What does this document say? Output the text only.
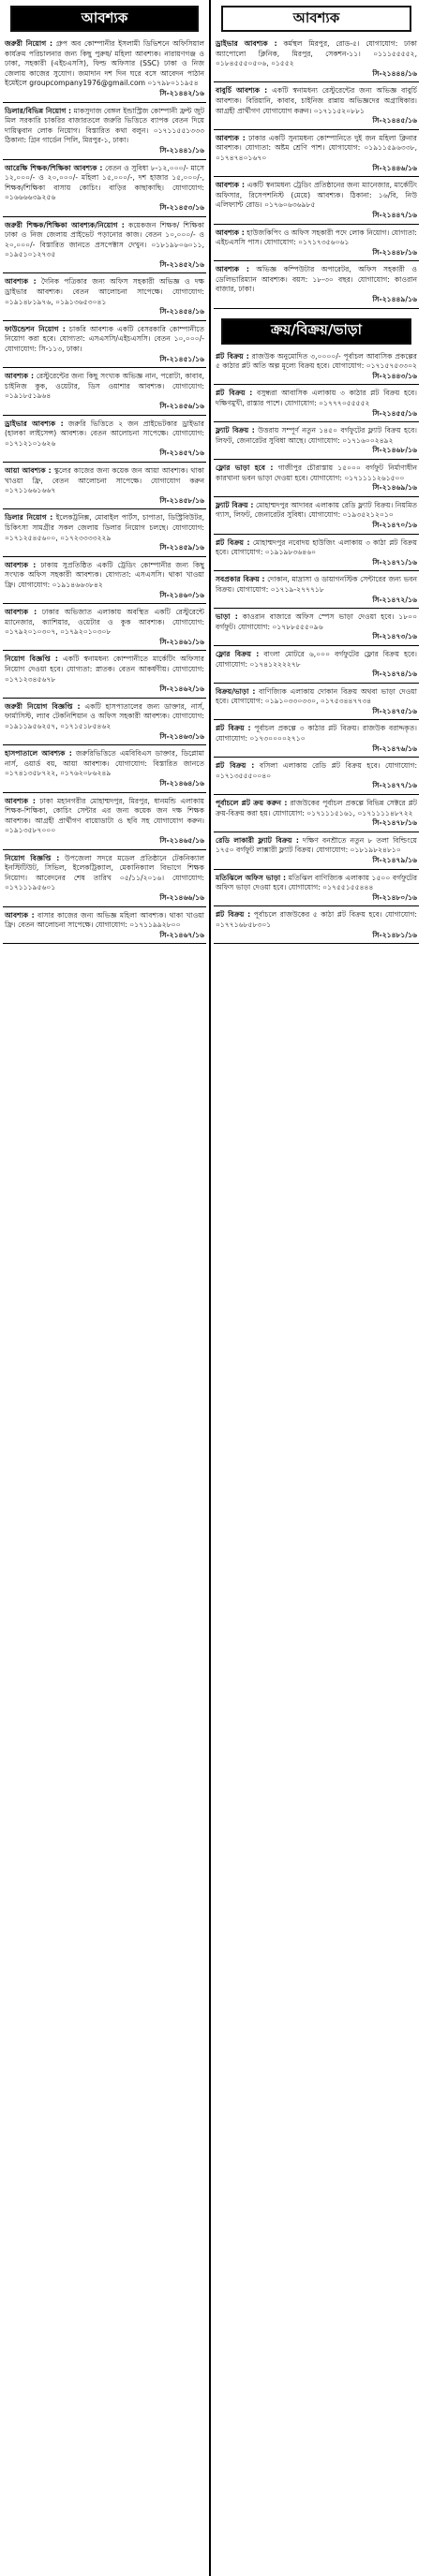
আবশ্যক
জরুরী নিয়োগ : গ্রুপ অব কোম্পানীর ইসলামী ডিভিশনে অফিসিয়াল কার্যক্রম পরিচালনার জন্য কিছু পুরুষ/ মহিলা আবশ্যক। নারায়ণগঞ্জ ও ঢাকা, সহকারী (এইচএসসি), ফিল্ড অফিসার (SSC) ঢাকা ও নিজ জেলায় কাজের সুযোগ। জমাদান দশ দিন ঘরে বসে আবেদন পাঠান ইমেইলে groupcompany1976@gmail.com ০১৭৯৮০১১৯৫৪
সি-২১৪৪২/১৬
ডিলার/বিভিন্ন নিয়োগ : মাকসুদাজ বেঙ্গল ইন্ডাস্ট্রিজ কোম্পানী ফ্রন্ট জুট মিল সরকারি চাকরির বাজারতলে জরুরি ভিত্তিতে ব্যাপক বেতন দিয়ে দায়িত্ববান লোক নিয়োগ। বিস্তারিত কথা বলুন। ০১৭১১৫৫১৩৩৩ ঠিকানা: গ্রিন গার্ডেন পিলি, মিরপুর-১, ঢাকা।
সি-২১৪৪১/১৬
আরেক্ষি শিক্ষক/শিক্ষিকা আবশ্যক : বেতন ও সুবিধা ৮-১২,০০০/- মাসে ১২,০০০/- ও ২০,০০০/- মহিলা ১৫,০০০/-, দশ হাজার ১৫,০০০/-, শিক্ষক/শিক্ষিকা বাসায় কোচিং। বাড়ির কাছাকাছি। যোগাযোগ: ০১৬৬৬৬৩৯২৫৬
সি-২১৪৫৩/১৬
জরুরী শিক্ষক/শিক্ষিকা আবশ্যক/নিয়োগ : কয়েকজন শিক্ষক/ শিক্ষিকা ঢাকা ও নিজ জেলায় প্রাইভেট পড়ানোর কাজ। বেতন ১০,০০০/- ও ২০,০০০/- বিস্তারিত জানতে প্রসপেক্টাস দেখুন। ০১৮১৯৮০৬০১১, ০১৯৫১০১২৭৩৫
সি-২১৪৫২/১৬
আবশ্যক : দৈনিক পত্রিকার জন্য অফিস সহকারী অভিজ্ঞ ও দক্ষ ড্রাইভার আবশ্যক। বেতন আলোচনা সাপেক্ষে। যোগাযোগ: ০১৯১৪৮১৯৭৬, ০১৯১৩৬৫৩০৪১
সি-২১৪৫৪/১৬
ফাউন্ডেশন নিয়োগ : চাকরি আবশ্যক একটি বেসরকারি কোম্পানীতে নিয়োগ করা হবে। যোগ্যতা: এসএসসি/এইচএসসি। বেতন ১০,০০০/- যোগাযোগ: সি-১১৩, ঢাকা।
সি-২১৪৫১/১৬
আবশ্যক : রেস্টুরেন্টের জন্য কিছু সংখ্যক অভিজ্ঞ নান, পরোটা, কাবাব, চাইনিজ কুক, ওয়েটার, ডিস ওয়াশার আবশ্যক। যোগাযোগ: ০১৯১৮৫১৯৬৪
সি-২১৪৫৬/১৬
ড্রাইভার আবশ্যক : জরুরি ভিত্তিতে ২ জন প্রাইভেটকার ড্রাইভার (হালকা লাইসেন্স) আবশ্যক। বেতন আলোচনা সাপেক্ষে। যোগাযোগ: ০১৭১২১০১৬২৬
সি-২১৪৫৭/১৬
আয়া আবশ্যক : স্কুলের কাজের জন্য কয়েক জন আয়া আবশ্যক। থাকা খাওয়া ফ্রি, বেতন আলোচনা সাপেক্ষে। যোগাযোগ করুন ০১৭১১৬৬১৬৬৭
সি-২১৪৫৮/১৬
ডিলার নিয়োগ : ইলেকট্রনিক্স, মোবাইল পার্টস, চাপাতা, ডিস্ট্রিবিউটর, চিকিৎসা সামগ্রীর সকল জেলায় ডিলার নিয়োগ চলছে। যোগাযোগ: ০১৭১২৫৪৫৬০০, ০১৭২৩৩৩৩২২৯
সি-২১৪৫৯/১৬
আবশ্যক : ঢাকায় সুপ্রতিষ্ঠিত একটি ট্রেডিং কোম্পানীর জন্য কিছু সংখ্যক অফিস সহকারী আবশ্যক। যোগ্যতা: এসএসসি। থাকা খাওয়া ফ্রি। যোগাযোগ: ০১৯১৪৬৬৩৮৪২
সি-২১৪৬০/১৬
আবশ্যক : ঢাকার অভিজাত এলাকায় অবস্থিত একটি রেস্টুরেন্টে ম্যানেজার, ক্যাশিয়ার, ওয়েটার ও কুক আবশ্যক। যোগাযোগ: ০১৭৯২০১০৩০৭, ০১৭৯২০১০৩০৮
সি-২১৪৬১/১৬
নিয়োগ বিজ্ঞপ্তি : একটি স্বনামধন্য কোম্পানীতে মার্কেটিং অফিসার নিয়োগ দেওয়া হবে। যোগ্যতা: স্নাতক। বেতন আকর্ষণীয়। যোগাযোগ: ০১৭১২৩৪৫৬৭৮
সি-২১৪৬২/১৬
জরুরী নিয়োগ বিজ্ঞপ্তি : একটি হাসপাতালের জন্য ডাক্তার, নার্স, ফার্মাসিস্ট, ল্যাব টেকনিশিয়ান ও অফিস সহকারী আবশ্যক। যোগাযোগ: ০১৯১১৯৫৬২৫৭, ০১৭১৫১৮৫৪৬২
সি-২১৪৬৩/১৬
হাসপাতালে আবশ্যক : জরুরিভিত্তিতে এমবিবিএস ডাক্তার, ডিপ্লোমা নার্স, ওয়ার্ড বয়, আয়া আবশ্যক। যোগাযোগ: বিস্তারিত জানতে ০১৭৪১৩৫৮৭২২, ০১৭৬২০৮৬২৪৯
সি-২১৪৬৪/১৬
আবশ্যক : ঢাকা মহানগরীর মোহাম্মদপুর, মিরপুর, ধানমন্ডি এলাকায় শিক্ষক-শিক্ষিকা, কোচিং সেন্টার এর জন্য কয়েক জন দক্ষ শিক্ষক আবশ্যক। আগ্রহী প্রার্থীগণ বায়োডাটা ও ছবি সহ যোগাযোগ করুন। ০১৯১৩৫৮৭০০০
সি-২১৪৬৫/১৬
নিয়োগ বিজ্ঞপ্তি : উপজেলা সদরে মডেল প্রতিষ্ঠানে টেকনিক্যাল ইনস্টিটিউট, সিভিল, ইলেকট্রিক্যাল, মেকানিক্যাল বিভাগে শিক্ষক নিয়োগ। আবেদনের শেষ তারিখ ০৫/১১/২০১৬। যোগাযোগ: ০১৭১১১৯৫৬০১
সি-২১৪৬৬/১৬
আবশ্যক : বাসার কাজের জন্য অভিজ্ঞ মহিলা আবশ্যক। থাকা খাওয়া ফ্রি। বেতন আলোচনা সাপেক্ষে। যোগাযোগ: ০১৭১১৯৯২৮০০
সি-২১৪৬৭/১৬
আবশ্যক
ড্রাইভার আবশ্যক : কর্মস্থল মিরপুর, রোড-৫। যোগাযোগ: ঢাকা অ্যাপোলো ক্লিনিক, মিরপুর, সেকশন-১১। ০১১১৫৫৫৫২, ০১৮৪৫৫৫০৫০৬, ০১৫৫২
সি-২১৪৪৪/১৬
বাবুর্চি আবশ্যক : একটি স্বনামধন্য রেস্টুরেন্টের জন্য অভিজ্ঞ বাবুর্চি আবশ্যক। বিরিয়ানি, কাবাব, চাইনিজ রান্নায় অভিজ্ঞদের অগ্রাধিকার। আগ্রহী প্রার্থীগণ যোগাযোগ করুন। ০১৭১১৫২০৮৮১
সি-২১৪৪৫/১৬
আবশ্যক : ঢাকার একটি সুনামধন্য কোম্পানিতে দুই জন মহিলা ক্লিনার আবশ্যক। যোগ্যতা: অষ্টম শ্রেণি পাশ। যোগাযোগ: ০১৯১১৫৯৬৩৩৮, ০১৭৪৭৪০১৬৭০
সি-২১৪৪৬/১৬
আবশ্যক : একটি স্বনামধন্য ট্রেডিং প্রতিষ্ঠানের জন্য ম্যানেজার, মার্কেটিং অফিসার, রিসেপশনিস্ট (মেয়ে) আবশ্যক। ঠিকানা: ১৬/বি, নিউ এলিফ্যান্ট রোড। ০১৭৬০৬৩৬৯৮৫
সি-২১৪৪৭/১৬
আবশ্যক : হাউজকিপিং ও অফিস সহকারী পদে লোক নিয়োগ। যোগ্যতা: এইচএসসি পাস। যোগাযোগ: ০১৭১৭৩৫৬০৬১
সি-২১৪৪৮/১৬
আবশ্যক : অভিজ্ঞ কম্পিউটার অপারেটর, অফিস সহকারী ও ডেলিভারিম্যান আবশ্যক। বয়স: ১৮-৩০ বছর। যোগাযোগ: কাওরান বাজার, ঢাকা।
সি-২১৪৪৯/১৬
ক্রয়/বিক্রয়/ভাড়া
প্লট বিক্রয় : রাজউক অনুমোদিত ৩,০০০০/- পূর্বাচল আবাসিক প্রকল্পের ৫ কাঠার প্লট অতি অল্প মূল্যে বিক্রয় হবে। যোগাযোগ: ০১৭১৫৭৫৩৩০২
সি-২১৪৪৩/১৬
প্লট বিক্রয় : বসুন্ধরা আবাসিক এলাকায় ৩ কাঠার প্লট বিক্রয় হবে। দক্ষিণমুখী, রাস্তার পাশে। যোগাযোগ: ০১৭৭৭০৫৫৫৫২
সি-২১৪৫৫/১৬
ফ্ল্যাট বিক্রয় : উত্তরায় সম্পূর্ণ নতুন ১৪৫০ বর্গফুটের ফ্ল্যাট বিক্রয় হবে। লিফট, জেনারেটর সুবিধা আছে। যোগাযোগ: ০১৭১৬০০২৪৯২
সি-২১৪৬৮/১৬
ফ্লোর ভাড়া হবে : গাজীপুর চৌরাস্তায় ১৫০০০ বর্গফুট নির্মাণাধীন কারখানা ভবন ভাড়া দেওয়া হবে। যোগাযোগ: ০১৭১১১১২৬১৫০০
সি-২১৪৬৯/১৬
ফ্ল্যাট বিক্রয় : মোহাম্মদপুর আদাবর এলাকায় রেডি ফ্ল্যাট বিক্রয়। নিয়মিত গ্যাস, লিফট, জেনারেটর সুবিধা। যোগাযোগ: ০১৯৩৫২১২০১০
সি-২১৪৭০/১৬
প্লট বিক্রয় : মোহাম্মদপুর নবোদয় হাউজিং এলাকায় ৩ কাঠা প্লট বিক্রয় হবে। যোগাযোগ: ০১৯১৯৮৩৬৪৬০
সি-২১৪৭১/১৬
সবপ্রকার বিক্রয় : দোকান, মাদ্রাসা ও ডায়াগনস্টিক সেন্টারের জন্য ভবন বিক্রয়। যোগাযোগ: ০১৭১৯-২৭৭৭১৮
সি-২১৪৭২/১৬
ভাড়া : কাওরান বাজারে অফিস স্পেস ভাড়া দেওয়া হবে। ১৮০০ বর্গফুট। যোগাযোগ: ০১৭৮৮৫৫৫০৯৬
সি-২১৪৭৩/১৬
ফ্লোর বিক্রয় : বাংলা মোটরে ৬,০০০ বর্গফুটের ফ্লোর বিক্রয় হবে। যোগাযোগ: ০১৭৪১২২২২৭৮
সি-২১৪৭৪/১৬
বিক্রয়/ভাড়া : বাণিজ্যিক এলাকায় দোকান বিক্রয় অথবা ভাড়া দেওয়া হবে। যোগাযোগ: ০১৯১০৩৩০৩৩০, ০১৭৫৩৪৪৭৭৩৪
সি-২১৪৭৫/১৬
প্লট বিক্রয় : পূর্বাচল প্রকল্পে ৩ কাঠার প্লট বিক্রয়। রাজউক বরাদ্দকৃত। যোগাযোগ: ০১৭৩০০০০২৭১০
সি-২১৪৭৬/১৬
প্লট বিক্রয় : বসিলা এলাকায় রেডি প্লট বিক্রয় হবে। যোগাযোগ: ০১৭১৩৫৫৫০০৪০
সি-২১৪৭৭/১৬
পূর্বাচলে প্লট ক্রয় করুন : রাজউকের পূর্বাচল প্রকল্পে বিভিন্ন সেক্টরে প্লট ক্রয়-বিক্রয় করা হয়। যোগাযোগ: ০১৭১১১৫১৬১, ০১৭১১১১৪৮৭২২
সি-২১৪৭৮/১৬
রেডি লাকারী ফ্ল্যাট বিক্রয় : দক্ষিণ বনশ্রীতে নতুন ৮ তলা বিল্ডিংয়ে ১৭৫০ বর্গফুট লাক্সারী ফ্ল্যাট বিক্রয়। যোগাযোগ: ০১৮১৯৮২৪৮১০
সি-২১৪৭৯/১৬
মতিঝিলে অফিস ভাড়া : মতিঝিল বাণিজ্যিক এলাকায় ১৫০০ বর্গফুটের অফিস ভাড়া দেওয়া হবে। যোগাযোগ: ০১৭৫৫১৫৫৪৪৪
সি-২১৪৮০/১৬
প্লট বিক্রয় : পূর্বাচলে রাজউকের ৫ কাঠা প্লট বিক্রয় হবে। যোগাযোগ: ০১৭৭১৬৮৫৮৩০১
সি-২১৪৮১/১৬
